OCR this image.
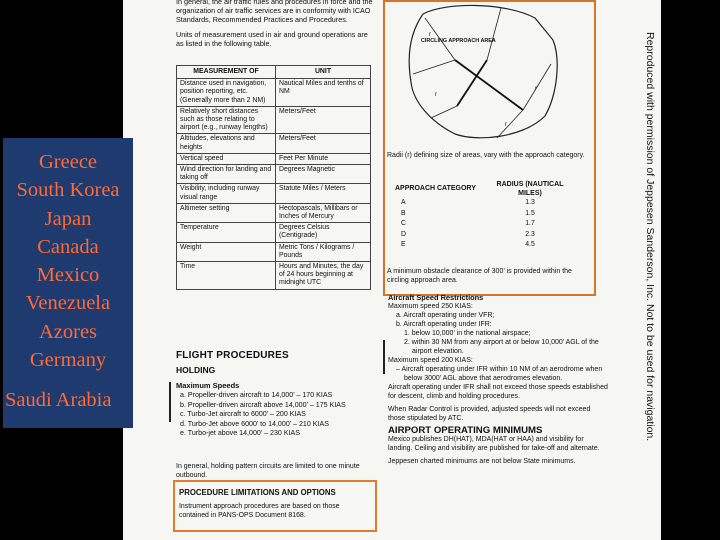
In general, the air traffic rules and procedures in force and the organization of air traffic services are in conformity with ICAO Standards, Recommended Practices and Procedures.

Units of measurement used in air and ground operations are as listed in the following table.

MEASUREMENT OF	UNIT
Distance used in navigation, position reporting, etc. (Generally more than 2 NM)	Nautical Miles and tenths of NM
Relatively short distances such as those relating to airport (e.g., runway lengths)	Meters/Feet
Altitudes, elevations and heights	Meters/Feet
Vertical speed	Feet Per Minute
Wind direction for landing and taking off	Degrees Magnetic
Visibility, including runway visual range	Statute Miles / Meters
Altimeter setting	Hectopascals, Millibars or Inches of Mercury
Temperature	Degrees Celsius (Centigrade)
Weight	Metric Tons / Kilograms / Pounds
Time	Hours and Minutes, the day of 24 hours beginning at midnight UTC
FLIGHT PROCEDURES
HOLDING
Maximum Speeds
a. Propeller-driven aircraft to 14,000’ – 170 KIAS
b. Propeller-driven aircraft above 14,000’ – 175 KIAS
c. Turbo-Jet aircraft to 6000’ – 200 KIAS
d. Turbo-Jet above 6000’ to 14,000’ – 210 KIAS
e. Turbo-jet above 14,000’ – 230 KIAS
In general, holding pattern circuits are limited to one minute outbound.
PROCEDURE LIMITATIONS AND OPTIONS
Instrument approach procedures are based on those contained in PANS-OPS Document 8168.
r
r
r
r
CIRCLING APPROACH AREA
Radii (r) defining size of areas, vary with the approach category.
APPROACH CATEGORY
RADIUS (NAUTICAL MILES)
A	1.3
B	1.5
C	1.7
D	2.3
E	4.5
A minimum obstacle clearance of 300’ is provided within the circling approach area.

Aircraft Speed Restrictions

Maximum speed 250 KIAS:

a. Aircraft operating under VFR;

b. Aircraft operating under IFR:

1. below 10,000’ in the national airspace;

2. within 30 NM from any airport at or below 10,000’ AGL of the airport elevation.

Maximum speed 200 KIAS:

– Aircraft operating under IFR within 10 NM of an aerodrome when below 3000’ AGL above that aerodromes elevation.

Aircraft operating under IFR shall not exceed those speeds established for descent, climb and holding procedures.

When Radar Control is provided, adjusted speeds will not exceed those stipulated by ATC.

AIRPORT OPERATING MINIMUMS

Mexico publishes DH(HAT), MDA(HAT or HAA) and visibility for landing. Ceiling and visibility are published for take-off and alternate.

Jeppesen charted minimums are not below State minimums.

Greece
South Korea
Japan
Canada
Mexico
Venezuela
Azores
Germany
Saudi Arabia	Reproduced with permission of Jeppesen Sanderson, Inc. Not to be used for navigation.
